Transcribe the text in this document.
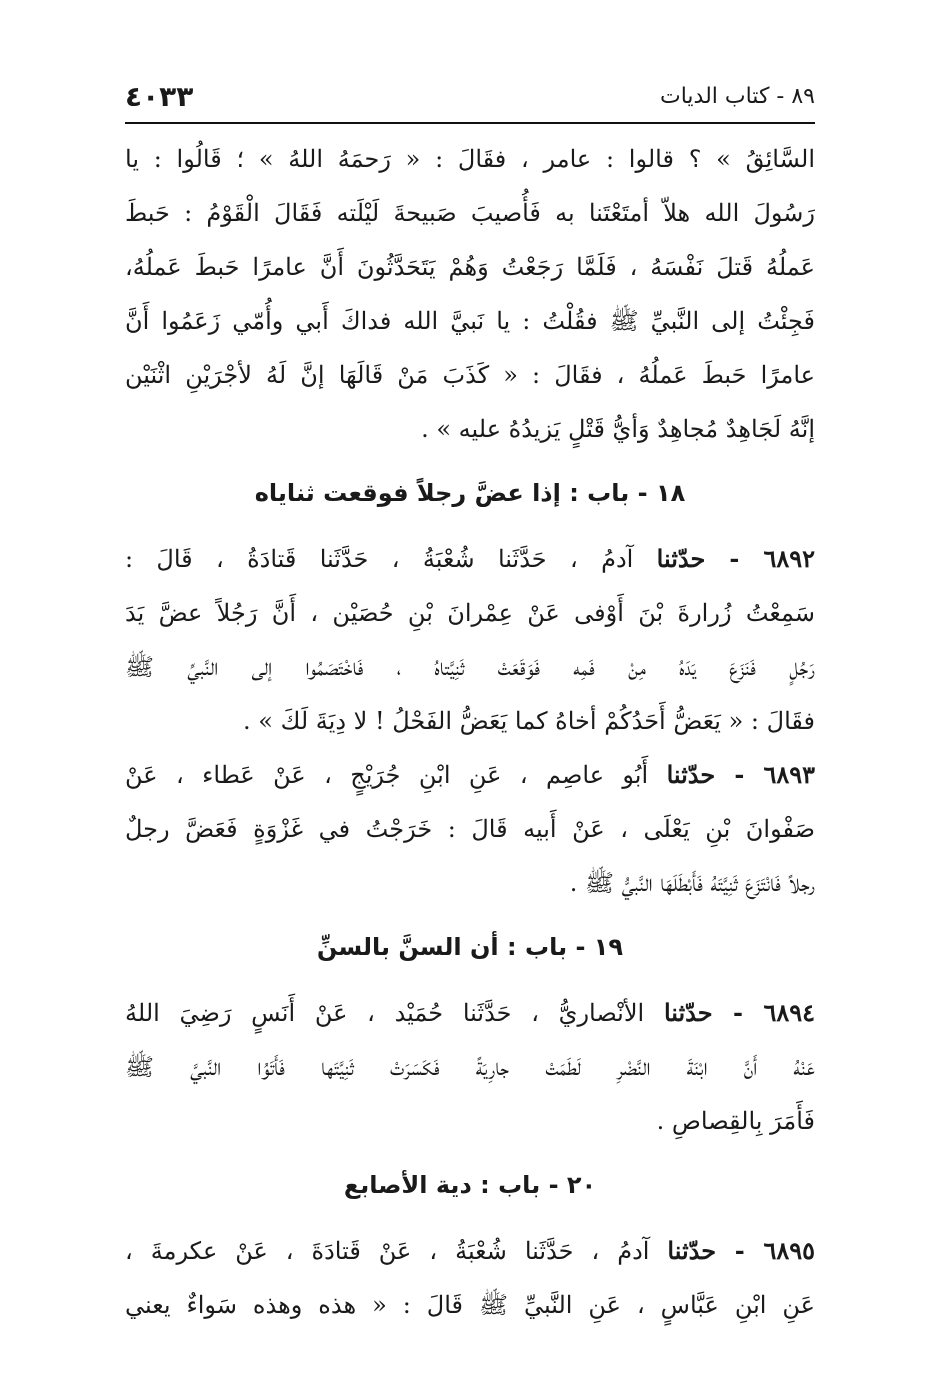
٨٩ - كتاب الديات
٤٠٣٣
السَّائِقُ » ؟ قالوا : عامر ، فقَالَ : « رَحمَهُ اللهُ » ؛ قَالُوا : يا
رَسُولَ الله هلاّ أمتَعْتَنا به فَأُصيبَ صَبيحةَ لَيْلَته فَقَالَ الْقَوْمُ : حَبطَ
عَملُهُ قَتلَ نَفْسَهُ ، فَلَمَّا رَجَعْتُ وَهُمْ يَتَحَدَّثُونَ أَنَّ عامرًا حَبطَ عَملُهُ،
فَجِئْتُ إلى النَّبيِّ ﷺ فقُلْتُ : يا نَبيَّ الله فداكَ أَبي وأُمّي زَعَمُوا أَنَّ
عامرًا حَبطَ عَملُهُ ، فقَالَ : « كَذَبَ مَنْ قَالَهَا إنَّ لَهُ لأجْرَيْنِ اثْنَيْن
إنَّهُ لَجَاهِدٌ مُجاهِدٌ وَأيُّ قَتْلٍ يَزيدُهُ عليه » .
١٨ - باب : إذا عضَّ رجلاً فوقعت ثناياه
٦٨٩٢ - حدّثنا آدمُ ، حَدَّثَنا شُعْبَةُ ، حَدَّثَنا قَتادَةُ ، قَالَ :
سَمِعْتُ زُرارةَ بْنَ أَوْفى عَنْ عِمْرانَ بْنِ حُصَيْن ، أَنَّ رَجُلاً عضَّ يَدَ
رَجُلٍ فَنَزَعَ يَدَهُ مِنْ فَمِه فَوَقَعَتْ ثَنِيَّتاهُ ، فَاخْتَصَمُوا إلى النَّبيِّ ﷺ
فقَالَ : « يَعَضُّ أَحَدُكُمْ أخاهُ كما يَعَضُّ الفَحْلُ ! لا دِيَةَ لَكَ » .
٦٨٩٣ - حدّثنا أَبُو عاصِم ، عَنِ ابْنِ جُرَيْجٍ ، عَنْ عَطاء ، عَنْ
صَفْوانَ بْنِ يَعْلَى ، عَنْ أَبيه قَالَ : خَرَجْتُ في غَزْوَةٍ فَعَضَّ رجلٌ
رجلاً فَانْتَزَعَ ثَنِيَّتَهُ فَأَبْطَلَهَا النَّبيُّ ﷺ .
١٩ - باب : أن السنَّ بالسنِّ
٦٨٩٤ - حدّثنا الأنْصاريُّ ، حَدَّثَنا حُمَيْد ، عَنْ أَنَسٍ رَضِيَ اللهُ
عَنْهُ أَنَّ ابْنَةَ النَّضْرِ لَطَمَتْ جارِيَةً فَكَسَرَتْ ثَنِيَّتَها فَأَتَوُا النَّبيَّ ﷺ
فَأَمَرَ بِالقِصاصِ .
٢٠ - باب : دية الأصابع
٦٨٩٥ - حدّثنا آدمُ ، حَدَّثَنا شُعْبَةُ ، عَنْ قَتادَةَ ، عَنْ عكرمةَ ،
عَنِ ابْنِ عَبَّاسٍ ، عَنِ النَّبيِّ ﷺ قَالَ : « هذه وهذه سَواءٌ يعني
